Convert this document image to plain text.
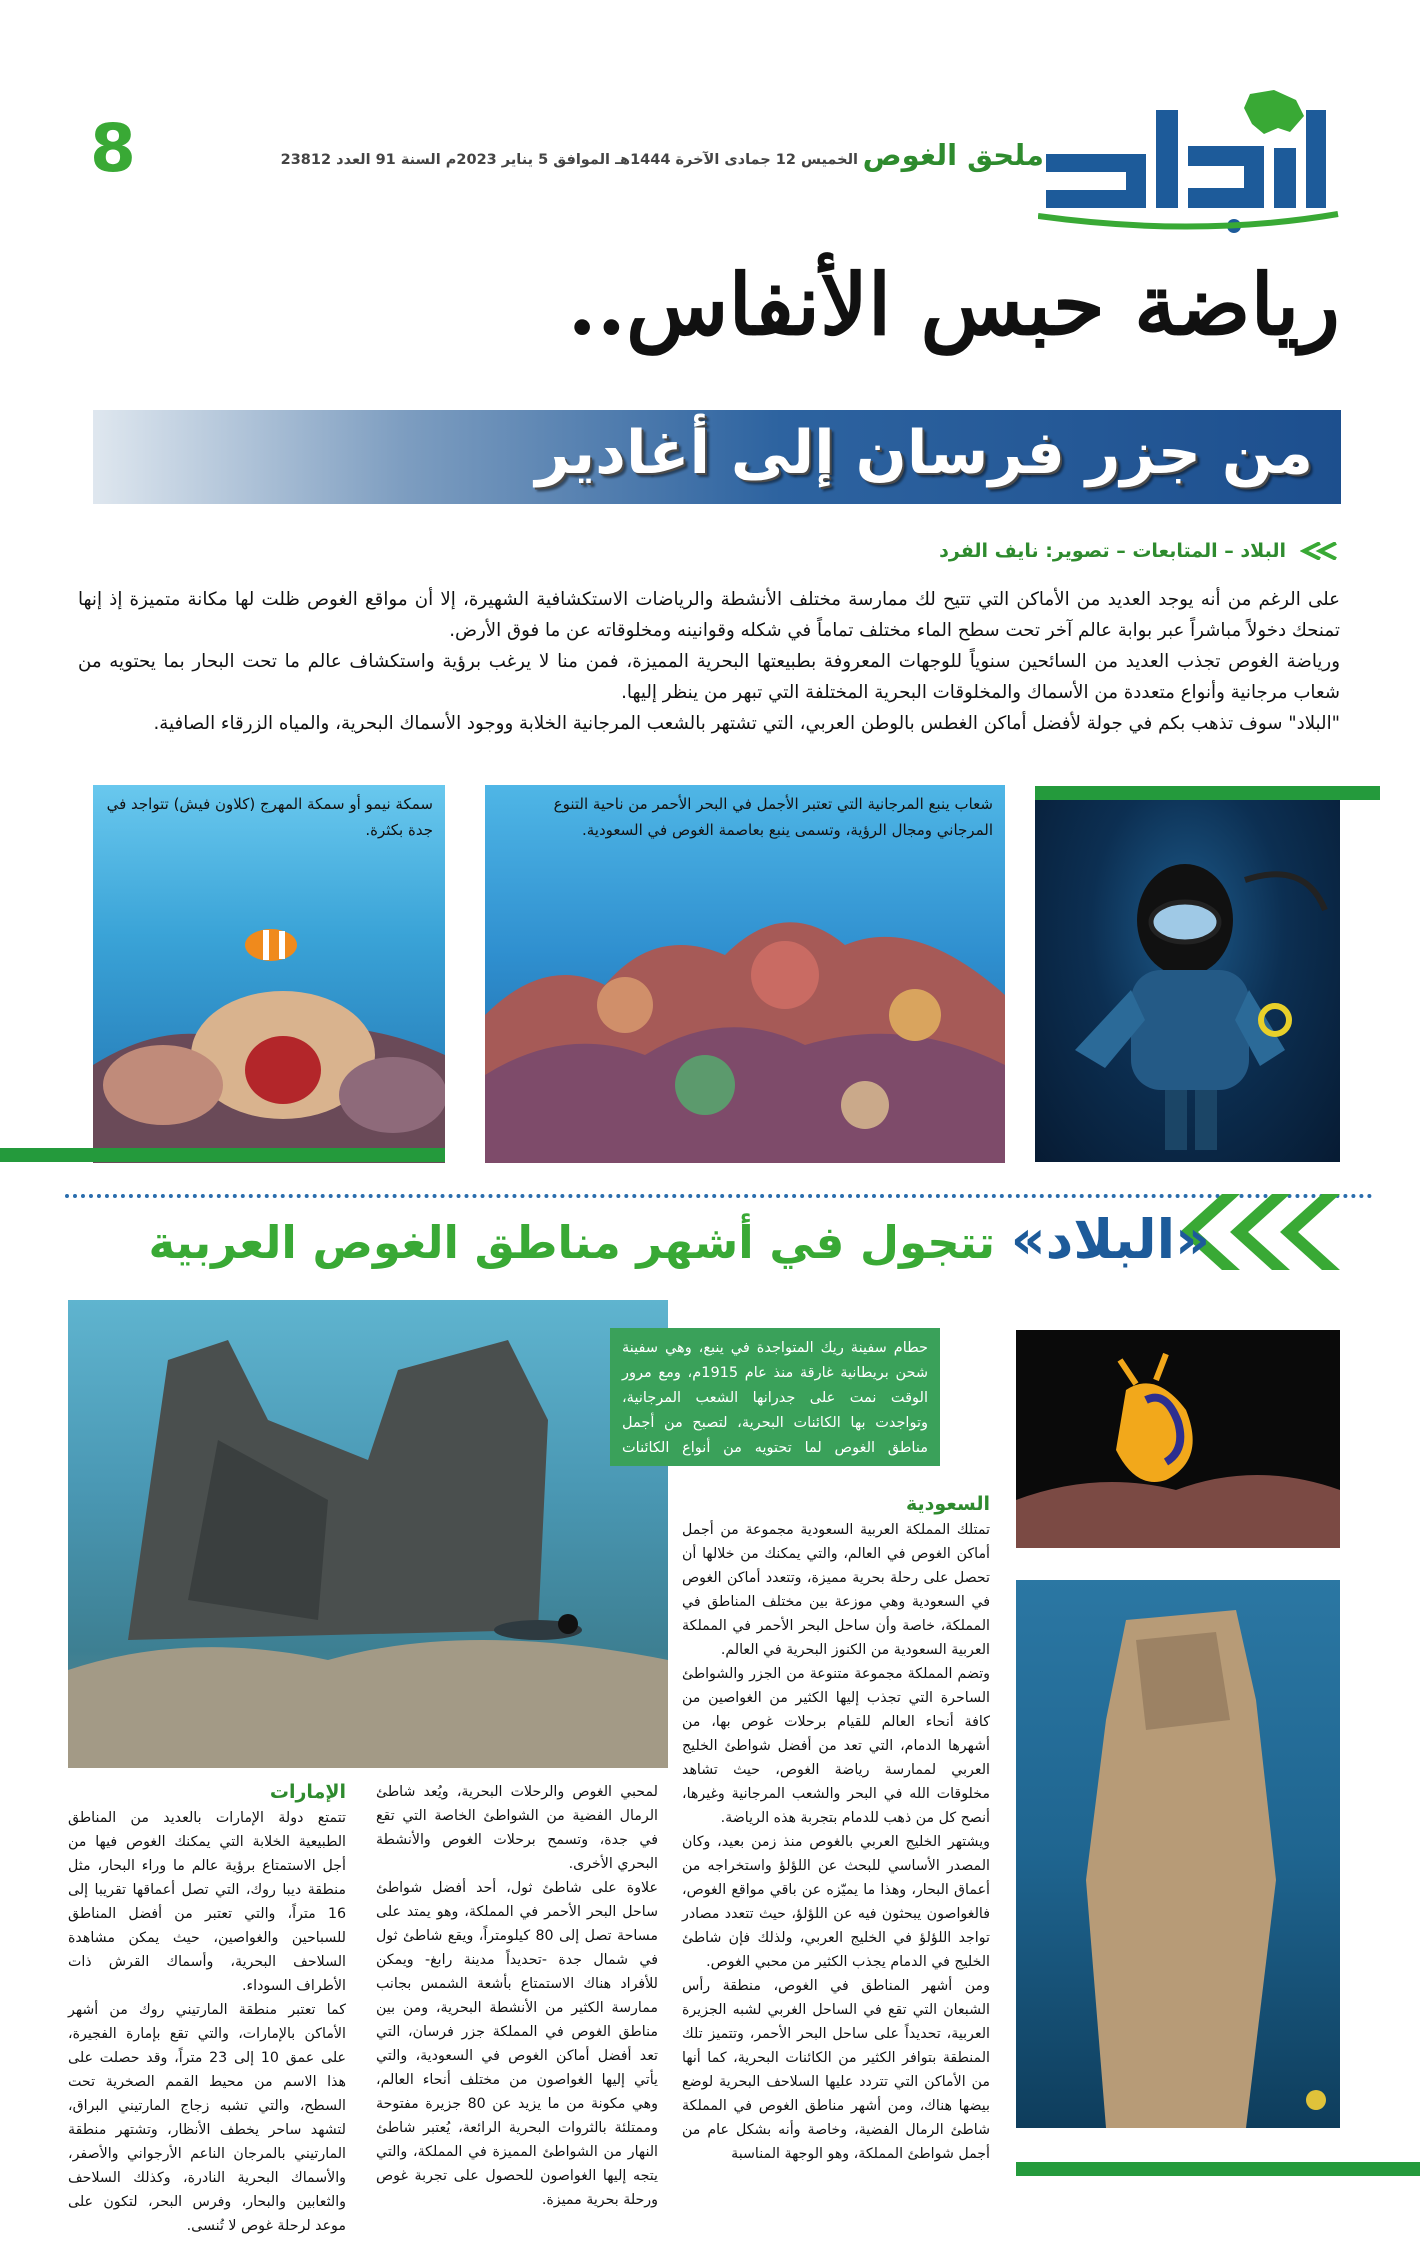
ملحق الغوص
الخميس 12 جمادى الآخرة 1444هـ الموافق 5 يناير 2023م السنة 91 العدد 23812
8
رياضة حبس الأنفاس..
من جزر فرسان إلى أغادير
البلاد – المتابعات – تصوير: نايف الفرد

على الرغم من أنه يوجد العديد من الأماكن التي تتيح لك ممارسة مختلف الأنشطة والرياضات الاستكشافية الشهيرة، إلا أن مواقع الغوص ظلت لها مكانة متميزة إذ إنها تمنحك دخولاً مباشراً عبر بوابة عالم آخر تحت سطح الماء مختلف تماماً في شكله وقوانينه ومخلوقاته عن ما فوق الأرض.

ورياضة الغوص تجذب العديد من السائحين سنوياً للوجهات المعروفة بطبيعتها البحرية المميزة، فمن منا لا يرغب برؤية واستكشاف عالم ما تحت البحار بما يحتويه من شعاب مرجانية وأنواع متعددة من الأسماك والمخلوقات البحرية المختلفة التي تبهر من ينظر إليها.

"البلاد" سوف تذهب بكم في جولة لأفضل أماكن الغطس بالوطن العربي، التي تشتهر بالشعب المرجانية الخلابة ووجود الأسماك البحرية، والمياه الزرقاء الصافية.

شعاب ينبع المرجانية التي تعتبر الأجمل في البحر الأحمر من ناحية التنوع المرجاني ومجال الرؤية، وتسمى ينبع بعاصمة الغوص في السعودية.
سمكة نيمو أو سمكة المهرج (كلاون فيش) تتواجد في جدة بكثرة.
«البلاد» تتجول في أشهر مناطق الغوص العربية
حطام سفينة ريك المتواجدة في ينبع، وهي سفينة شحن بريطانية غارقة منذ عام 1915م، ومع مرور الوقت نمت على جدرانها الشعب المرجانية، وتواجدت بها الكائنات البحرية، لتصبح من أجمل مناطق الغوص لما تحتويه من أنواع الكائنات البحرية.
السعودية

تمتلك المملكة العربية السعودية مجموعة من أجمل أماكن الغوص في العالم، والتي يمكنك من خلالها أن تحصل على رحلة بحرية مميزة، وتتعدد أماكن الغوص في السعودية وهي موزعة بين مختلف المناطق في المملكة، خاصة وأن ساحل البحر الأحمر في المملكة العربية السعودية من الكنوز البحرية في العالم.

وتضم المملكة مجموعة متنوعة من الجزر والشواطئ الساحرة التي تجذب إليها الكثير من الغواصين من كافة أنحاء العالم للقيام برحلات غوص بها، من أشهرها الدمام، التي تعد من أفضل شواطئ الخليج العربي لممارسة رياضة الغوص، حيث تشاهد مخلوقات الله في البحر والشعب المرجانية وغيرها، أنصح كل من ذهب للدمام بتجربة هذه الرياضة.

ويشتهر الخليج العربي بالغوص منذ زمن بعيد، وكان المصدر الأساسي للبحث عن اللؤلؤ واستخراجه من أعماق البحار، وهذا ما يميّزه عن باقي مواقع الغوص، فالغواصون يبحثون فيه عن اللؤلؤ، حيث تتعدد مصادر تواجد اللؤلؤ في الخليج العربي، ولذلك فإن شاطئ الخليج في الدمام يجذب الكثير من محبي الغوص.

ومن أشهر المناطق في الغوص، منطقة رأس الشبعان التي تقع في الساحل الغربي لشبه الجزيرة العربية، تحديداً على ساحل البحر الأحمر، وتتميز تلك المنطقة بتوافر الكثير من الكائنات البحرية، كما أنها من الأماكن التي تتردد عليها السلاحف البحرية لوضع بيضها هناك، ومن أشهر مناطق الغوص في المملكة شاطئ الرمال الفضية، وخاصة وأنه بشكل عام من أجمل شواطئ المملكة، وهو الوجهة المناسبة

لمحبي الغوص والرحلات البحرية، ويُعد شاطئ الرمال الفضية من الشواطئ الخاصة التي تقع في جدة، وتسمح برحلات الغوص والأنشطة البحري الأخرى.

علاوة على شاطئ ثول، أحد أفضل شواطئ ساحل البحر الأحمر في المملكة، وهو يمتد على مساحة تصل إلى 80 كيلومتراً، ويقع شاطئ ثول في شمال جدة -تحديداً مدينة رابغ- ويمكن للأفراد هناك الاستمتاع بأشعة الشمس بجانب ممارسة الكثير من الأنشطة البحرية، ومن بين مناطق الغوص في المملكة جزر فرسان، التي تعد أفضل أماكن الغوص في السعودية، والتي يأتي إليها الغواصون من مختلف أنحاء العالم، وهي مكونة من ما يزيد عن 80 جزيرة مفتوحة وممتلئة بالثروات البحرية الرائعة، يُعتبر شاطئ النهار من الشواطئ المميزة في المملكة، والتي يتجه إليها الغواصون للحصول على تجربة غوص ورحلة بحرية مميزة.

الإمارات

تتمتع دولة الإمارات بالعديد من المناطق الطبيعية الخلابة التي يمكنك الغوص فيها من أجل الاستمتاع برؤية عالم ما وراء البحار، مثل منطقة ديبا روك، التي تصل أعماقها تقريبا إلى 16 متراً، والتي تعتبر من أفضل المناطق للسباحين والغواصين، حيث يمكن مشاهدة السلاحف البحرية، وأسماك القرش ذات الأطراف السوداء.

كما تعتبر منطقة المارتيني روك من أشهر الأماكن بالإمارات، والتي تقع بإمارة الفجيرة، على عمق 10 إلى 23 متراً، وقد حصلت على هذا الاسم من محيط القمم الصخرية تحت السطح، والتي تشبه زجاج المارتيني البراق، لتشهد ساحر يخطف الأنظار، وتشتهر منطقة المارتيني بالمرجان الناعم الأرجواني والأصفر، والأسماك البحرية النادرة، وكذلك السلاحف والثعابين والبحار، وفرس البحر، لتكون على موعد لرحلة غوص لا تُنسى.
